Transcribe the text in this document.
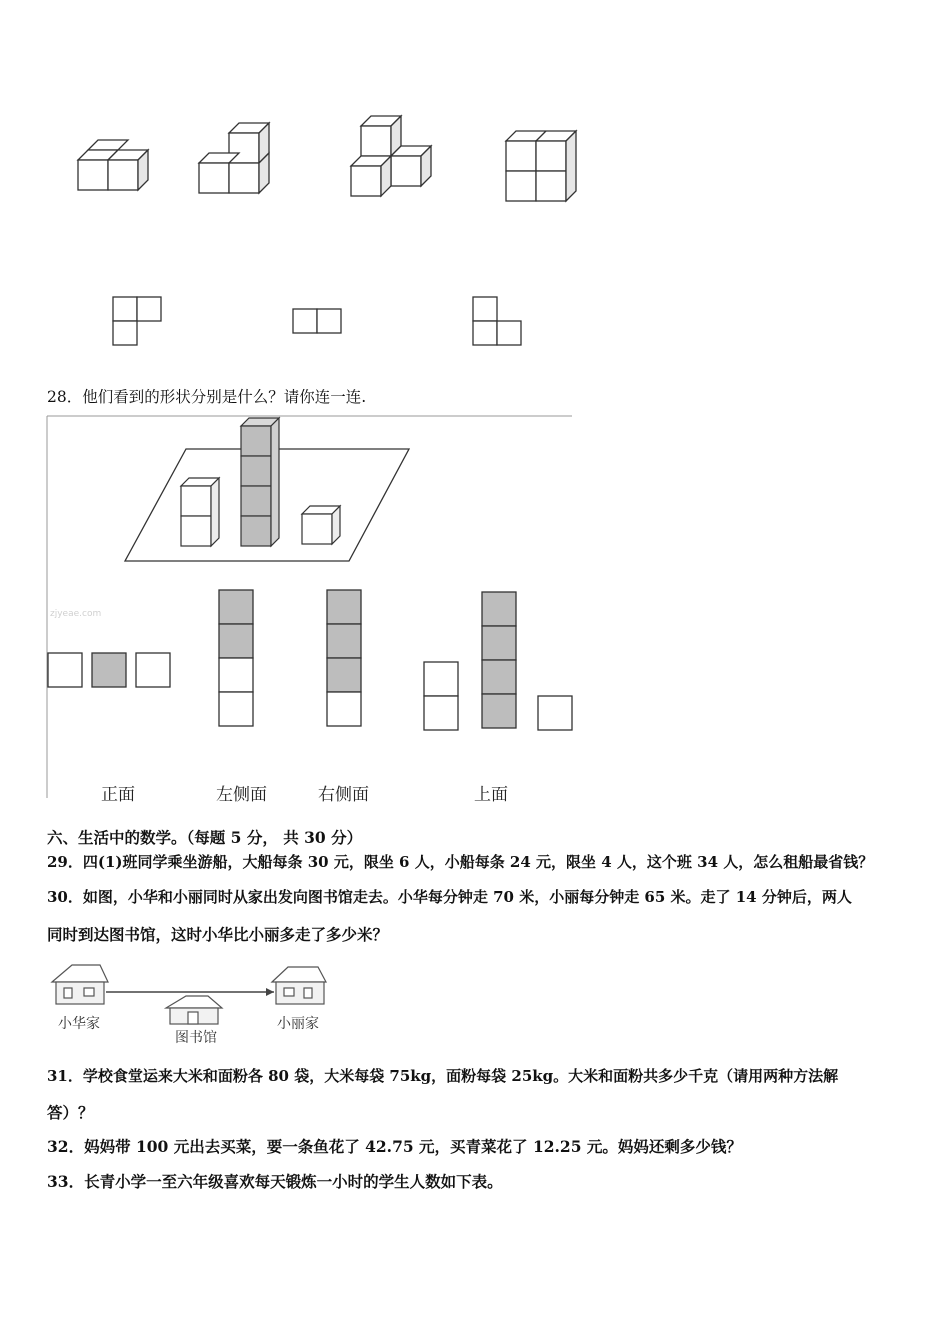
28．他们看到的形状分别是什么？请你连一连.
zjyeae.com
正面	左侧面	右侧面	上面
六、生活中的数学。（每题 5 分， 共 30 分）
29．四(1)班同学乘坐游船，大船每条 30 元，限坐 6 人，小船每条 24 元，限坐 4 人，这个班 34 人，怎么租船最省钱？
30．如图，小华和小丽同时从家出发向图书馆走去。小华每分钟走 70 米，小丽每分钟走 65 米。走了 14 分钟后，两人
同时到达图书馆，这时小华比小丽多走了多少米？
小华家
图书馆
小丽家
31．学校食堂运来大米和面粉各 80 袋，大米每袋 75kg，面粉每袋 25kg。大米和面粉共多少千克（请用两种方法解
答）？
32．妈妈带 100 元出去买菜，要一条鱼花了 42.75 元，买青菜花了 12.25 元。妈妈还剩多少钱？
33．长青小学一至六年级喜欢每天锻炼一小时的学生人数如下表。
